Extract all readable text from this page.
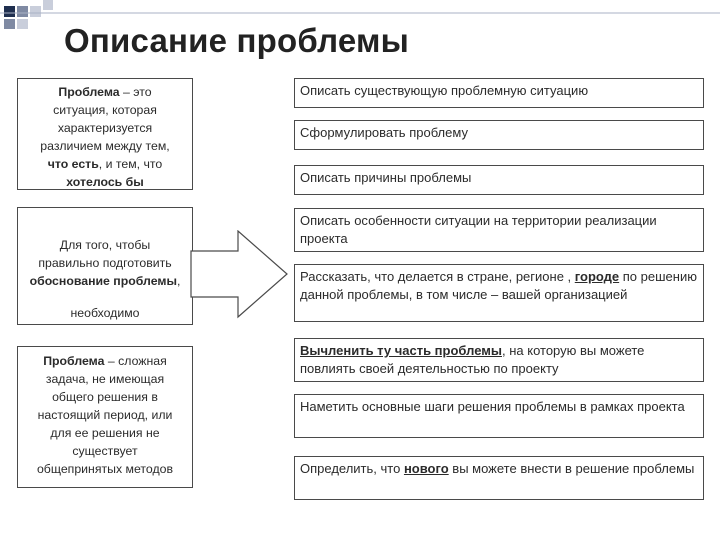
Описание проблемы
Проблема – это
ситуация, которая
характеризуется
различием между тем,
что есть, и тем, что
хотелось бы
Для того, чтобы
правильно подготовить
обоснование проблемы,
необходимо
Проблема – сложная
задача, не имеющая
общего решения в
настоящий период, или
для ее решения не
существует
общепринятых методов
Описать существующую проблемную ситуацию
Сформулировать проблему
Описать причины проблемы
Описать особенности ситуации на территории реализации проекта
Рассказать, что делается в стране, регионе , городе по решению данной проблемы, в том числе – вашей организацией
Вычленить ту часть проблемы, на которую вы можете повлиять своей деятельностью по проекту
Наметить основные шаги решения проблемы в рамках проекта
Определить, что нового вы можете внести в решение проблемы
